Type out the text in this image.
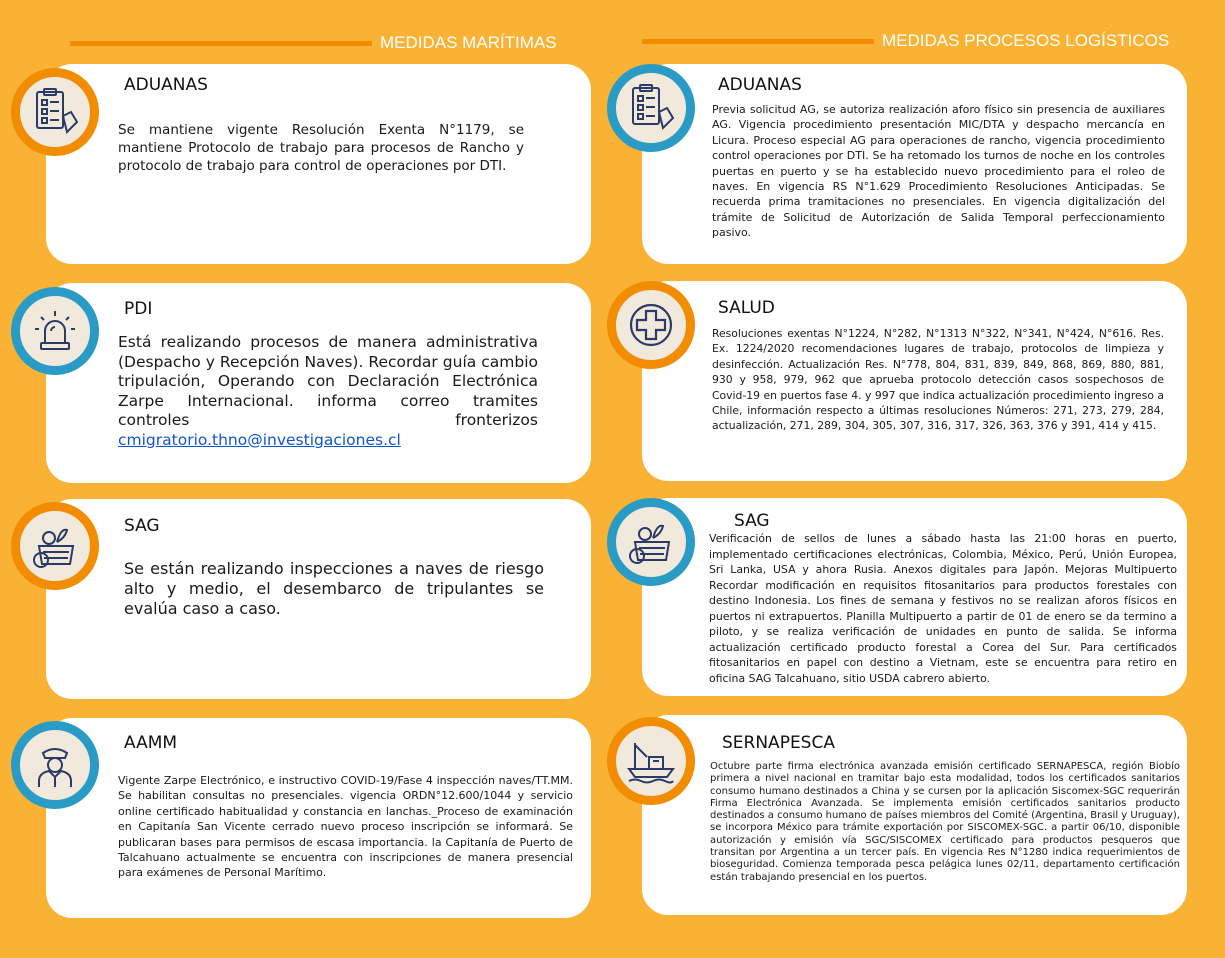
MEDIDAS MARÍTIMAS	MEDIDAS PROCESOS LOGÍSTICOS
ADUANAS
Se mantiene vigente Resolución Exenta N°1179, se mantiene Protocolo de trabajo para procesos de Rancho y protocolo de trabajo para control de operaciones por DTI.
PDI
Está realizando procesos de manera administrativa (Despacho y Recepción Naves). Recordar guía cambio tripulación, Operando con Declaración Electrónica Zarpe Internacional. informa correo tramites controles fronterizos cmigratorio.thno@investigaciones.cl
SAG
Se están realizando inspecciones a naves de riesgo alto y medio, el desembarco de tripulantes se evalúa caso a caso.
AAMM
Vigente Zarpe Electrónico, e instructivo COVID-19/Fase 4 inspección naves/TT.MM. Se habilitan consultas no presenciales. vigencia ORDN°12.600/1044 y servicio online certificado habitualidad y constancia en lanchas._Proceso de examinación en Capitanía San Vicente cerrado nuevo proceso inscripción se informará. Se publicaran bases para permisos de escasa importancia. la Capitanía de Puerto de Talcahuano actualmente se encuentra con inscripciones de manera presencial para exámenes de Personal Marítimo.
ADUANAS
Previa solicitud AG, se autoriza realización aforo físico sin presencia de auxiliares AG. Vigencia procedimiento presentación MIC/DTA y despacho mercancía en Licura. Proceso especial AG para operaciones de rancho, vigencia procedimiento control operaciones por DTI. Se ha retomado los turnos de noche en los controles puertas en puerto y se ha establecido nuevo procedimiento para el roleo de naves. En vigencia RS N°1.629 Procedimiento Resoluciones Anticipadas. Se recuerda prima tramitaciones no presenciales. En vigencia digitalización del trámite de Solicitud de Autorización de Salida Temporal perfeccionamiento pasivo.
SALUD
Resoluciones exentas N°1224, N°282, N°1313 N°322, N°341, N°424, N°616. Res. Ex. 1224/2020 recomendaciones lugares de trabajo, protocolos de limpieza y desinfección. Actualización Res. N°778, 804, 831, 839, 849, 868, 869, 880, 881, 930 y 958, 979, 962 que aprueba protocolo detección casos sospechosos de Covid-19 en puertos fase 4. y 997 que indica actualización procedimiento ingreso a Chile, información respecto a últimas resoluciones Números: 271, 273, 279, 284, actualización, 271, 289, 304, 305, 307, 316, 317, 326, 363, 376 y 391, 414 y 415.
SAG
Verificación de sellos de lunes a sábado hasta las 21:00 horas en puerto, implementado certificaciones electrónicas, Colombia, México, Perú, Unión Europea, Sri Lanka, USA y ahora Rusia. Anexos digitales para Japón. Mejoras Multipuerto Recordar modificación en requisitos fitosanitarios para productos forestales con destino Indonesia. Los fines de semana y festivos no se realizan aforos físicos en puertos ni extrapuertos. Planilla Multipuerto a partir de 01 de enero se da termino a piloto, y se realiza verificación de unidades en punto de salida. Se informa actualización certificado producto forestal a Corea del Sur. Para certificados fitosanitarios en papel con destino a Vietnam, este se encuentra para retiro en oficina SAG Talcahuano, sitio USDA cabrero abierto.
SERNAPESCA
Octubre parte firma electrónica avanzada emisión certificado SERNAPESCA, región Biobío primera a nivel nacional en tramitar bajo esta modalidad, todos los certificados sanitarios consumo humano destinados a China y se cursen por la aplicación Siscomex-SGC requerirán Firma Electrónica Avanzada. Se implementa emisión certificados sanitarios producto destinados a consumo humano de países miembros del Comité (Argentina, Brasil y Uruguay), se incorpora México para trámite exportación por SISCOMEX-SGC. a partir 06/10, disponible autorización y emisión vía SGC/SISCOMEX certificado para productos pesqueros que transitan por Argentina a un tercer país. En vigencia Res N°1280 indica requerimientos de bioseguridad. Comienza temporada pesca pelágica lunes 02/11, departamento certificación están trabajando presencial en los puertos.
